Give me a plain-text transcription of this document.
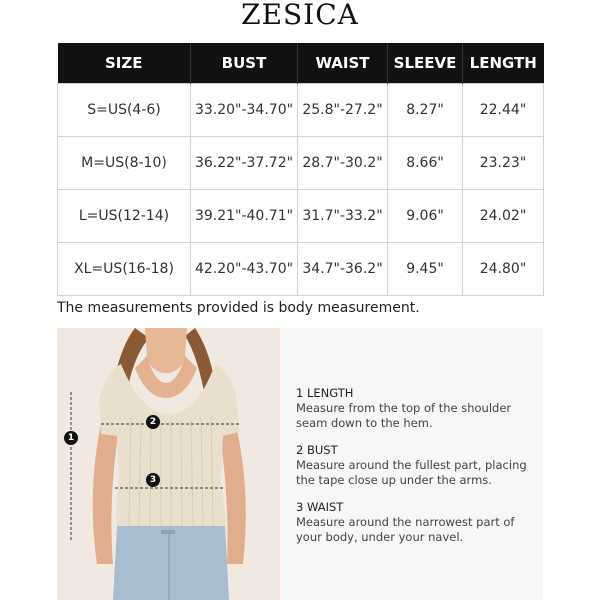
ZESICA
SIZE	BUST	WAIST	SLEEVE	LENGTH
S=US(4-6)	33.20"-34.70"	25.8"-27.2"	8.27"	22.44"
M=US(8-10)	36.22"-37.72"	28.7"-30.2"	8.66"	23.23"
L=US(12-14)	39.21"-40.71"	31.7"-33.2"	9.06"	24.02"
XL=US(16-18)	42.20"-43.70"	34.7"-36.2"	9.45"	24.80"
The measurements provided is body measurement.
1
2
3
1 LENGTH
Measure from the top of the shoulder
seam down to the hem.
2 BUST
Measure around the fullest part, placing
the tape close up under the arms.
3 WAIST
Measure around the narrowest part of
your body, under your navel.
